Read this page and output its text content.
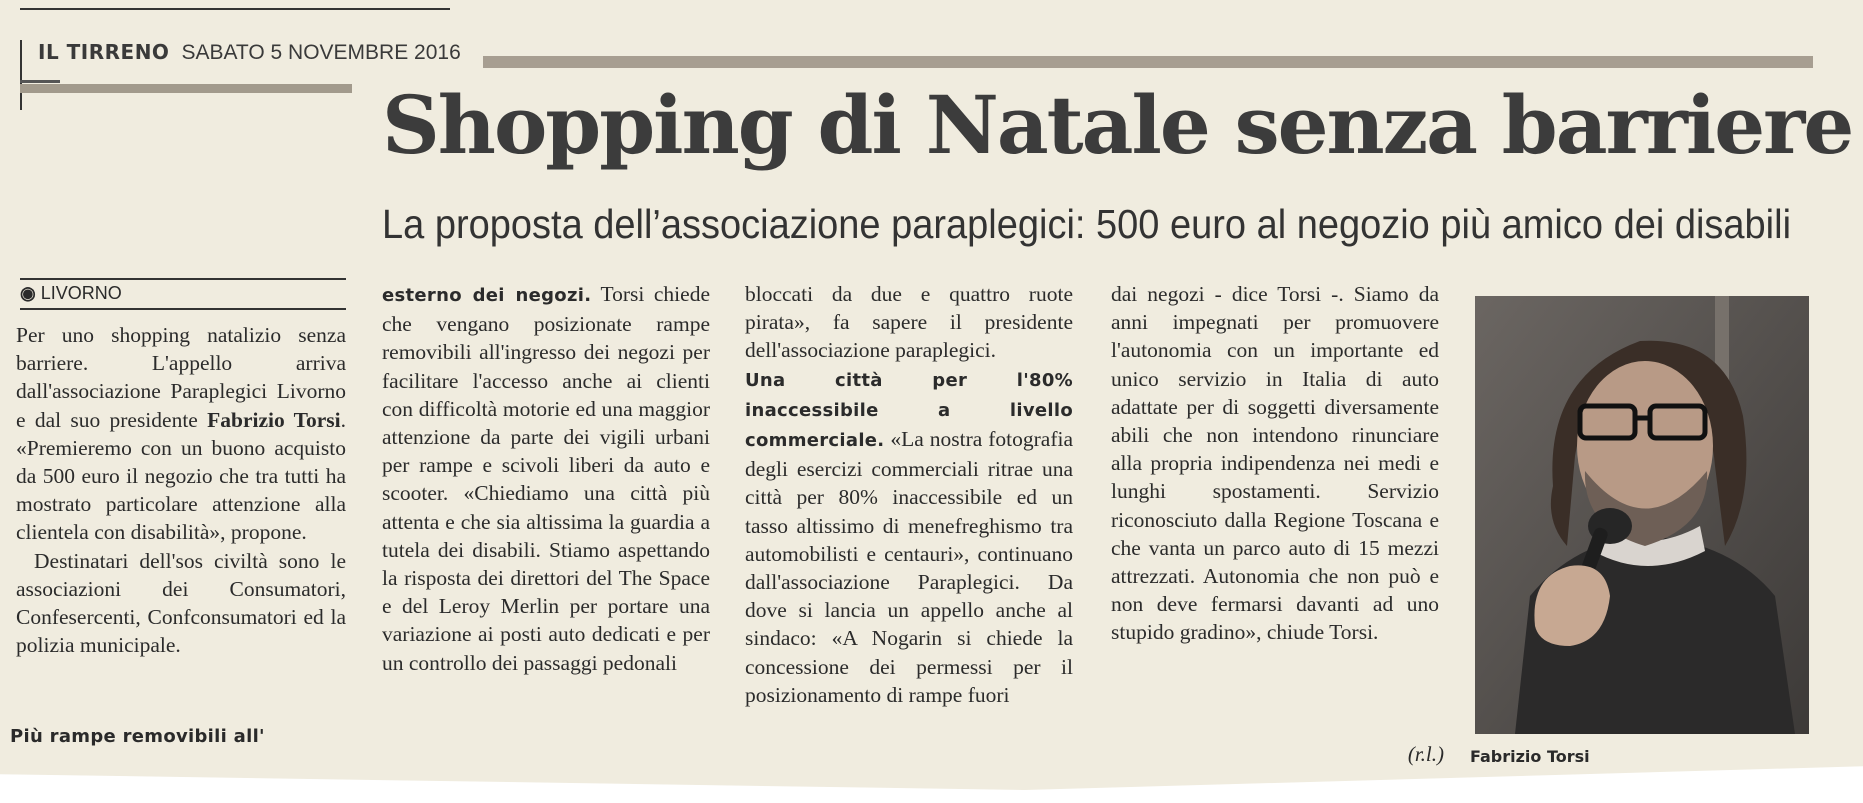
IL TIRRENO SABATO 5 NOVEMBRE 2016
Shopping di Natale senza barriere
La proposta dell’associazione paraplegici: 500 euro al negozio più amico dei disabili
◉ LIVORNO

Per uno shopping natalizio senza barriere. L'appello arriva dall'associazione Paraplegici Livorno e dal suo presidente Fabrizio Torsi. «Premieremo con un buono acquisto da 500 euro il negozio che tra tutti ha mostrato particolare attenzione alla clientela con disabilità», propone.

Destinatari dell'sos civiltà sono le associazioni dei Consumatori, Confesercenti, Confconsumatori ed la polizia municipale.

Più rampe removibili all'

esterno dei negozi. Torsi chiede che vengano posizionate rampe removibili all'ingresso dei negozi per facilitare l'accesso anche ai clienti con difficoltà motorie ed una maggior attenzione da parte dei vigili urbani per rampe e scivoli liberi da auto e scooter. «Chiediamo una città più attenta e che sia altissima la guardia a tutela dei disabili. Stiamo aspettando la risposta dei direttori del The Space e del Leroy Merlin per portare una variazione ai posti auto dedicati e per un controllo dei passaggi pedonali

bloccati da due e quattro ruote pirata», fa sapere il presidente dell'associazione paraplegici.

Una città per l'80% inaccessibile a livello commerciale. «La nostra fotografia degli esercizi commerciali ritrae una città per 80% inaccessibile ed un tasso altissimo di menefreghismo tra automobilisti e centauri», continuano dall'associazione Paraplegici. Da dove si lancia un appello anche al sindaco: «A Nogarin si chiede la concessione dei permessi per il posizionamento di rampe fuori

dai negozi - dice Torsi -. Siamo da anni impegnati per promuovere l'autonomia con un importante ed unico servizio in Italia di auto adattate per di soggetti diversamente abili che non intendono rinunciare alla propria indipendenza nei medi e lunghi spostamenti. Servizio riconosciuto dalla Regione Toscana e che vanta un parco auto di 15 mezzi attrezzati. Autonomia che non può e non deve fermarsi davanti ad uno stupido gradino», chiude Torsi.

(r.l.) Fabrizio Torsi
